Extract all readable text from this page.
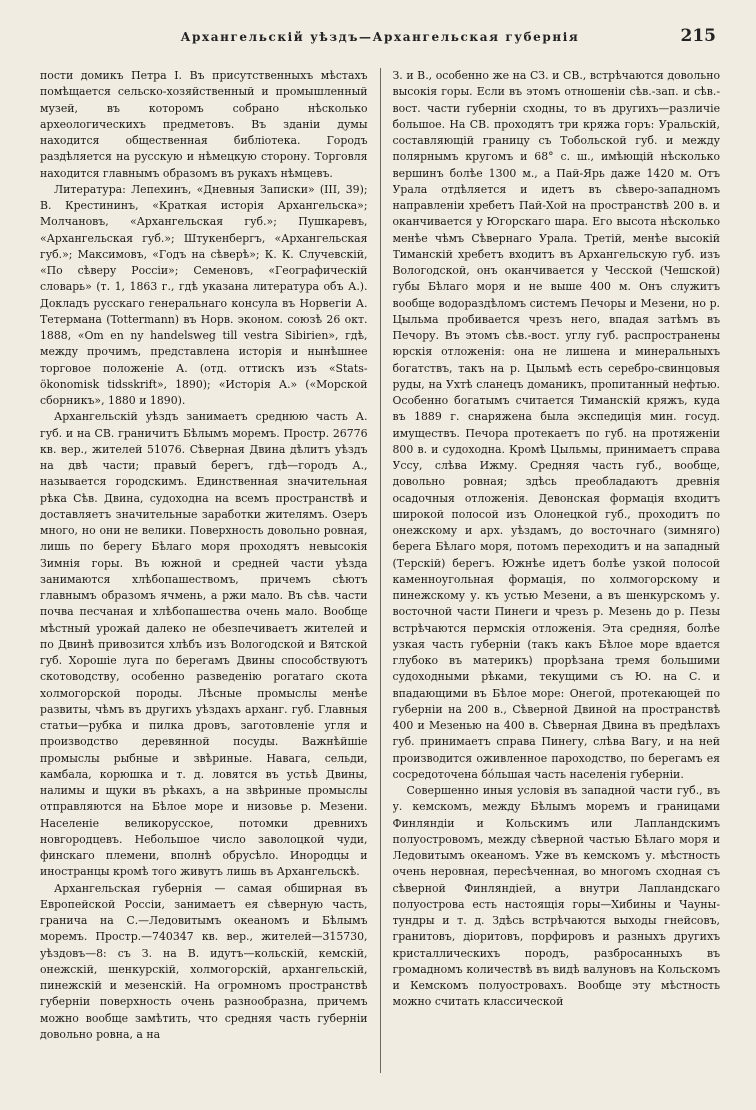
Архангельскій уѣздъ—Архангельская губернія	215

пости домикъ Петра I. Въ присутственныхъ мѣстахъ помѣщается сельско-хозяйственный и промышленный музей, въ которомъ собрано нѣсколько археологическихъ предметовъ. Въ зданіи думы находится общественная библіотека. Городъ раздѣляется на русскую и нѣмецкую сторону. Торговля находится главнымъ образомъ въ рукахъ нѣмцевъ.

Литература: Лепехинъ, «Дневныя Записки» (III, 39); В. Крестининъ, «Краткая исторія Архангельска»; Молчановъ, «Архангельская губ.»; Пушкаревъ, «Архангельская губ.»; Штукенбергъ, «Архангельская губ.»; Максимовъ, «Годъ на сѣверѣ»; К. К. Случевскій, «По сѣверу Россіи»; Семеновъ, «Географическій словарь» (т. 1, 1863 г., гдѣ указана литература объ А.). Докладъ русскаго генеральнаго консула въ Норвегіи А. Тетермана (Tottermann) въ Норв. эконом. союзѣ 26 окт. 1888, «Om en ny handelsweg till vestra Sibirien», гдѣ, между прочимъ, представлена исторія и нынѣшнее торговое положеніе А. (отд. оттискъ изъ «Stats-ökonomisk tidsskrift», 1890); «Исторія А.» («Морской сборникъ», 1880 и 1890).

Архангельскій уѣздъ занимаетъ среднюю часть А. губ. и на СВ. граничитъ Бѣлымъ моремъ. Простр. 26776 кв. вер., жителей 51076. Сѣверная Двина дѣлитъ уѣздъ на двѣ части; правый берегъ, гдѣ—городъ А., называется городскимъ. Единственная значительная рѣка Сѣв. Двина, судоходна на всемъ пространствѣ и доставляетъ значительные заработки жителямъ. Озеръ много, но они не велики. Поверхность довольно ровная, лишь по берегу Бѣлаго моря проходятъ невысокія Зимнія горы. Въ южной и средней части уѣзда занимаются хлѣбопашествомъ, причемъ сѣютъ главнымъ образомъ ячмень, а ржи мало. Въ сѣв. части почва песчаная и хлѣбопашества очень мало. Вообще мѣстный урожай далеко не обезпечиваетъ жителей и по Двинѣ привозится хлѣбъ изъ Вологодской и Вятской губ. Хорошіе луга по берегамъ Двины способствуютъ скотоводству, особенно разведенію рогатаго скота холмогорской породы. Лѣсные промыслы менѣе развиты, чѣмъ въ другихъ уѣздахъ арханг. губ. Главныя статьи—рубка и пилка дровъ, заготовленіе угля и производство деревянной посуды. Важнѣйшіе промыслы рыбные и звѣриные. Навага, сельди, камбала, корюшка и т. д. ловятся въ устьѣ Двины, налимы и щуки въ рѣкахъ, а на звѣриные промыслы отправляются на Бѣлое море и низовье р. Мезени. Населеніе великорусское, потомки древнихъ новгородцевъ. Небольшое число заволоцкой чуди, финскаго племени, вполнѣ обрусѣло. Инородцы и иностранцы кромѣ того живутъ лишь въ Архангельскѣ.

Архангельская губернія — самая обширная въ Европейской Россіи, занимаетъ ея сѣверную часть, граничa на С.—Ледовитымъ океаномъ и Бѣлымъ моремъ. Простр.—740347 кв. вер., жителей—315730, уѣздовъ—8: съ З. на В. идутъ—кольскій, кемскій, онежскій, шенкурскій, холмогорскій, архангельскій, пинежскій и мезенскій. На огромномъ пространствѣ губерніи поверхность очень разнообразна, причемъ можно вообще замѣтить, что средняя часть губерніи довольно ровна, а на

З. и В., особенно же на СЗ. и СВ., встрѣчаются довольно высокія горы. Если въ этомъ отношеніи сѣв.-зап. и сѣв.-вост. части губерніи сходны, то въ другихъ—различіе большое. На СВ. проходятъ три кряжа горъ: Уральскій, составляющій границу съ Тобольской губ. и между полярнымъ кругомъ и 68° с. ш., имѣющій нѣсколько вершинъ болѣе 1300 м., а Пай-Ярь даже 1420 м. Отъ Урала отдѣляется и идетъ въ сѣверо-западномъ направленіи хребетъ Пай-Хой на пространствѣ 200 в. и оканчивается у Югорскаго шара. Его высота нѣсколько менѣе чѣмъ Сѣвернаго Урала. Третій, менѣе высокій Тиманскій хребетъ входитъ въ Архангельскую губ. изъ Вологодской, онъ оканчивается у Чесской (Чешской) губы Бѣлаго моря и не выше 400 м. Онъ служитъ вообще водораздѣломъ системъ Печоры и Мезени, но р. Цыльма пробивается чрезъ него, впадая затѣмъ въ Печору. Въ этомъ сѣв.-вост. углу губ. распространены юрскія отложенія: она не лишена и минеральныхъ богатствъ, такъ на р. Цыльмѣ есть серебро-свинцовыя руды, на Ухтѣ сланецъ доманикъ, пропитанный нефтью. Особенно богатымъ считается Тиманскій кряжъ, куда въ 1889 г. снаряжена была экспедиція мин. госуд. имуществъ. Печора протекаетъ по губ. на протяженіи 800 в. и судоходна. Кромѣ Цыльмы, принимаетъ справа Уссу, слѣва Ижму. Средняя часть губ., вообще, довольно ровная; здѣсь преобладаютъ древнія осадочныя отложенія. Девонская формація входитъ широкой полосой изъ Олонецкой губ., проходитъ по онежскому и арх. уѣздамъ, до восточнаго (зимняго) берега Бѣлаго моря, потомъ переходитъ и на западный (Терскій) берегъ. Южнѣе идетъ болѣе узкой полосой каменноугольная формація, по холмогорскому и пинежскому у. къ устью Мезени, а въ шенкурскомъ у. восточной части Пинеги и чрезъ р. Мезень до р. Пезы встрѣчаются пермскія отложенія. Эта средняя, болѣе узкая часть губерніи (такъ какъ Бѣлое море вдается глубоко въ материкъ) прорѣзана тремя большими судоходными рѣками, текущими съ Ю. на С. и впадающими въ Бѣлое море: Онегой, протекающей по губерніи на 200 в., Сѣверной Двиной на пространствѣ 400 и Мезенью на 400 в. Сѣверная Двина въ предѣлахъ губ. принимаетъ справа Пинегу, слѣва Вагу, и на ней производится оживленное пароходство, по берегамъ ея сосредоточена бóльшая часть населенія губерніи.

Совершенно иныя условія въ западной части губ., въ у. кемскомъ, между Бѣлымъ моремъ и границами Финляндіи и Кольскимъ или Лапландскимъ полуостровомъ, между сѣверной частью Бѣлаго моря и Ледовитымъ океаномъ. Уже въ кемскомъ у. мѣстность очень неровная, пересѣченная, во многомъ сходная съ сѣверной Финляндіей, а внутри Лапландскаго полуострова есть настоящія горы—Хибины и Чауны-тундры и т. д. Здѣсь встрѣчаются выходы гнейсовъ, гранитовъ, діоритовъ, порфировъ и разныхъ другихъ кристаллическихъ породъ, разбросанныхъ въ громадномъ количествѣ въ видѣ валуновъ на Кольскомъ и Кемскомъ полуостровахъ. Вообще эту мѣстность можно считать классической
